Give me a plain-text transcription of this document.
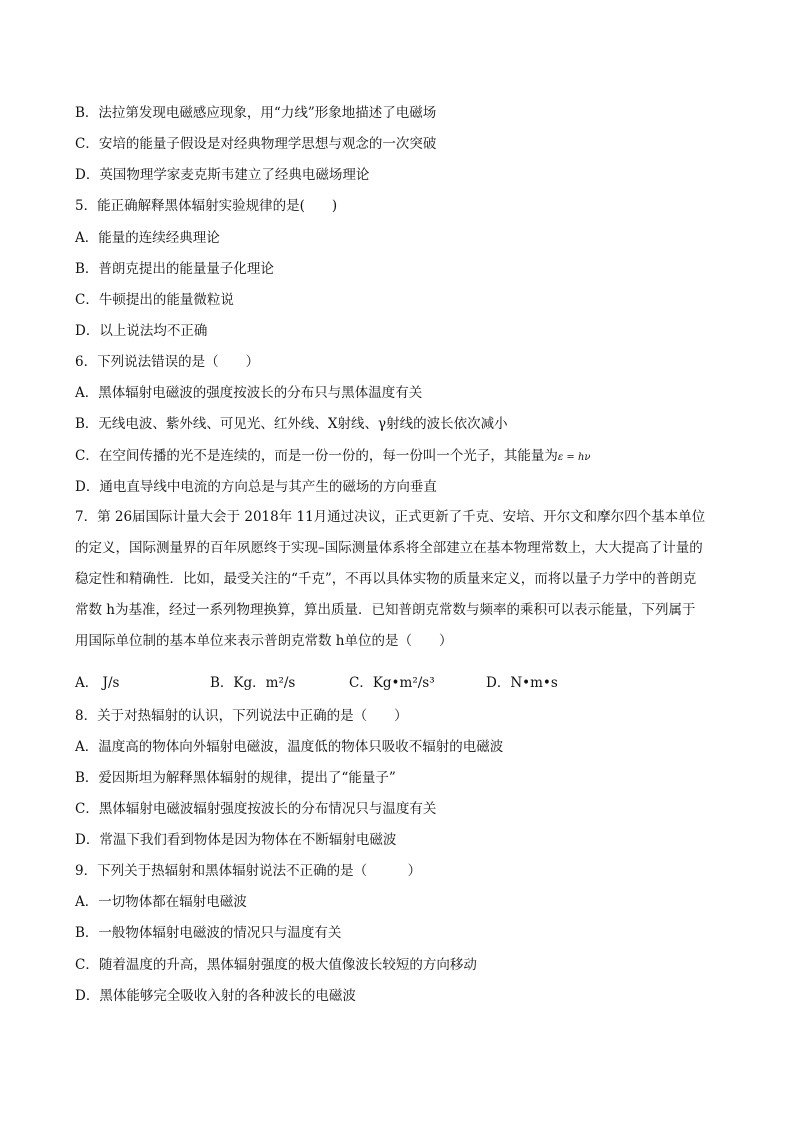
B．法拉第发现电磁感应现象，用“力线”形象地描述了电磁场
C．安培的能量子假设是对经典物理学思想与观念的一次突破
D．英国物理学家麦克斯韦建立了经典电磁场理论
5．能正确解释黑体辐射实验规律的是(　　)
A．能量的连续经典理论
B．普朗克提出的能量量子化理论
C．牛顿提出的能量微粒说
D．以上说法均不正确
6．下列说法错误的是（　　）
A．黑体辐射电磁波的强度按波长的分布只与黑体温度有关
B．无线电波、紫外线、可见光、红外线、X射线、γ射线的波长依次减小
C．在空间传播的光不是连续的，而是一份一份的，每一份叫一个光子，其能量为ε = hν
D．通电直导线中电流的方向总是与其产生的磁场的方向垂直
7．第 26届国际计量大会于 2018年 11月通过决议，正式更新了千克、安培、开尔文和摩尔四个基本单位
的定义，国际测量界的百年夙愿终于实现–国际测量体系将全部建立在基本物理常数上，大大提高了计量的
稳定性和精确性．比如，最受关注的“千克”，不再以具体实物的质量来定义，而将以量子力学中的普朗克
常数 h为基准，经过一系列物理换算，算出质量．已知普朗克常数与频率的乘积可以表示能量，下列属于
用国际单位制的基本单位来表示普朗克常数 h单位的是（　　）
A． J/s	B．Kg．m²/s	C．Kg•m²/s³	D．N•m•s
8．关于对热辐射的认识，下列说法中正确的是（　　）
A．温度高的物体向外辐射电磁波，温度低的物体只吸收不辐射的电磁波
B．爱因斯坦为解释黑体辐射的规律，提出了“能量子”
C．黑体辐射电磁波辐射强度按波长的分布情况只与温度有关
D．常温下我们看到物体是因为物体在不断辐射电磁波
9．下列关于热辐射和黑体辐射说法不正确的是（　　　）
A．一切物体都在辐射电磁波
B．一般物体辐射电磁波的情况只与温度有关
C．随着温度的升高，黑体辐射强度的极大值像波长较短的方向移动
D．黑体能够完全吸收入射的各种波长的电磁波
